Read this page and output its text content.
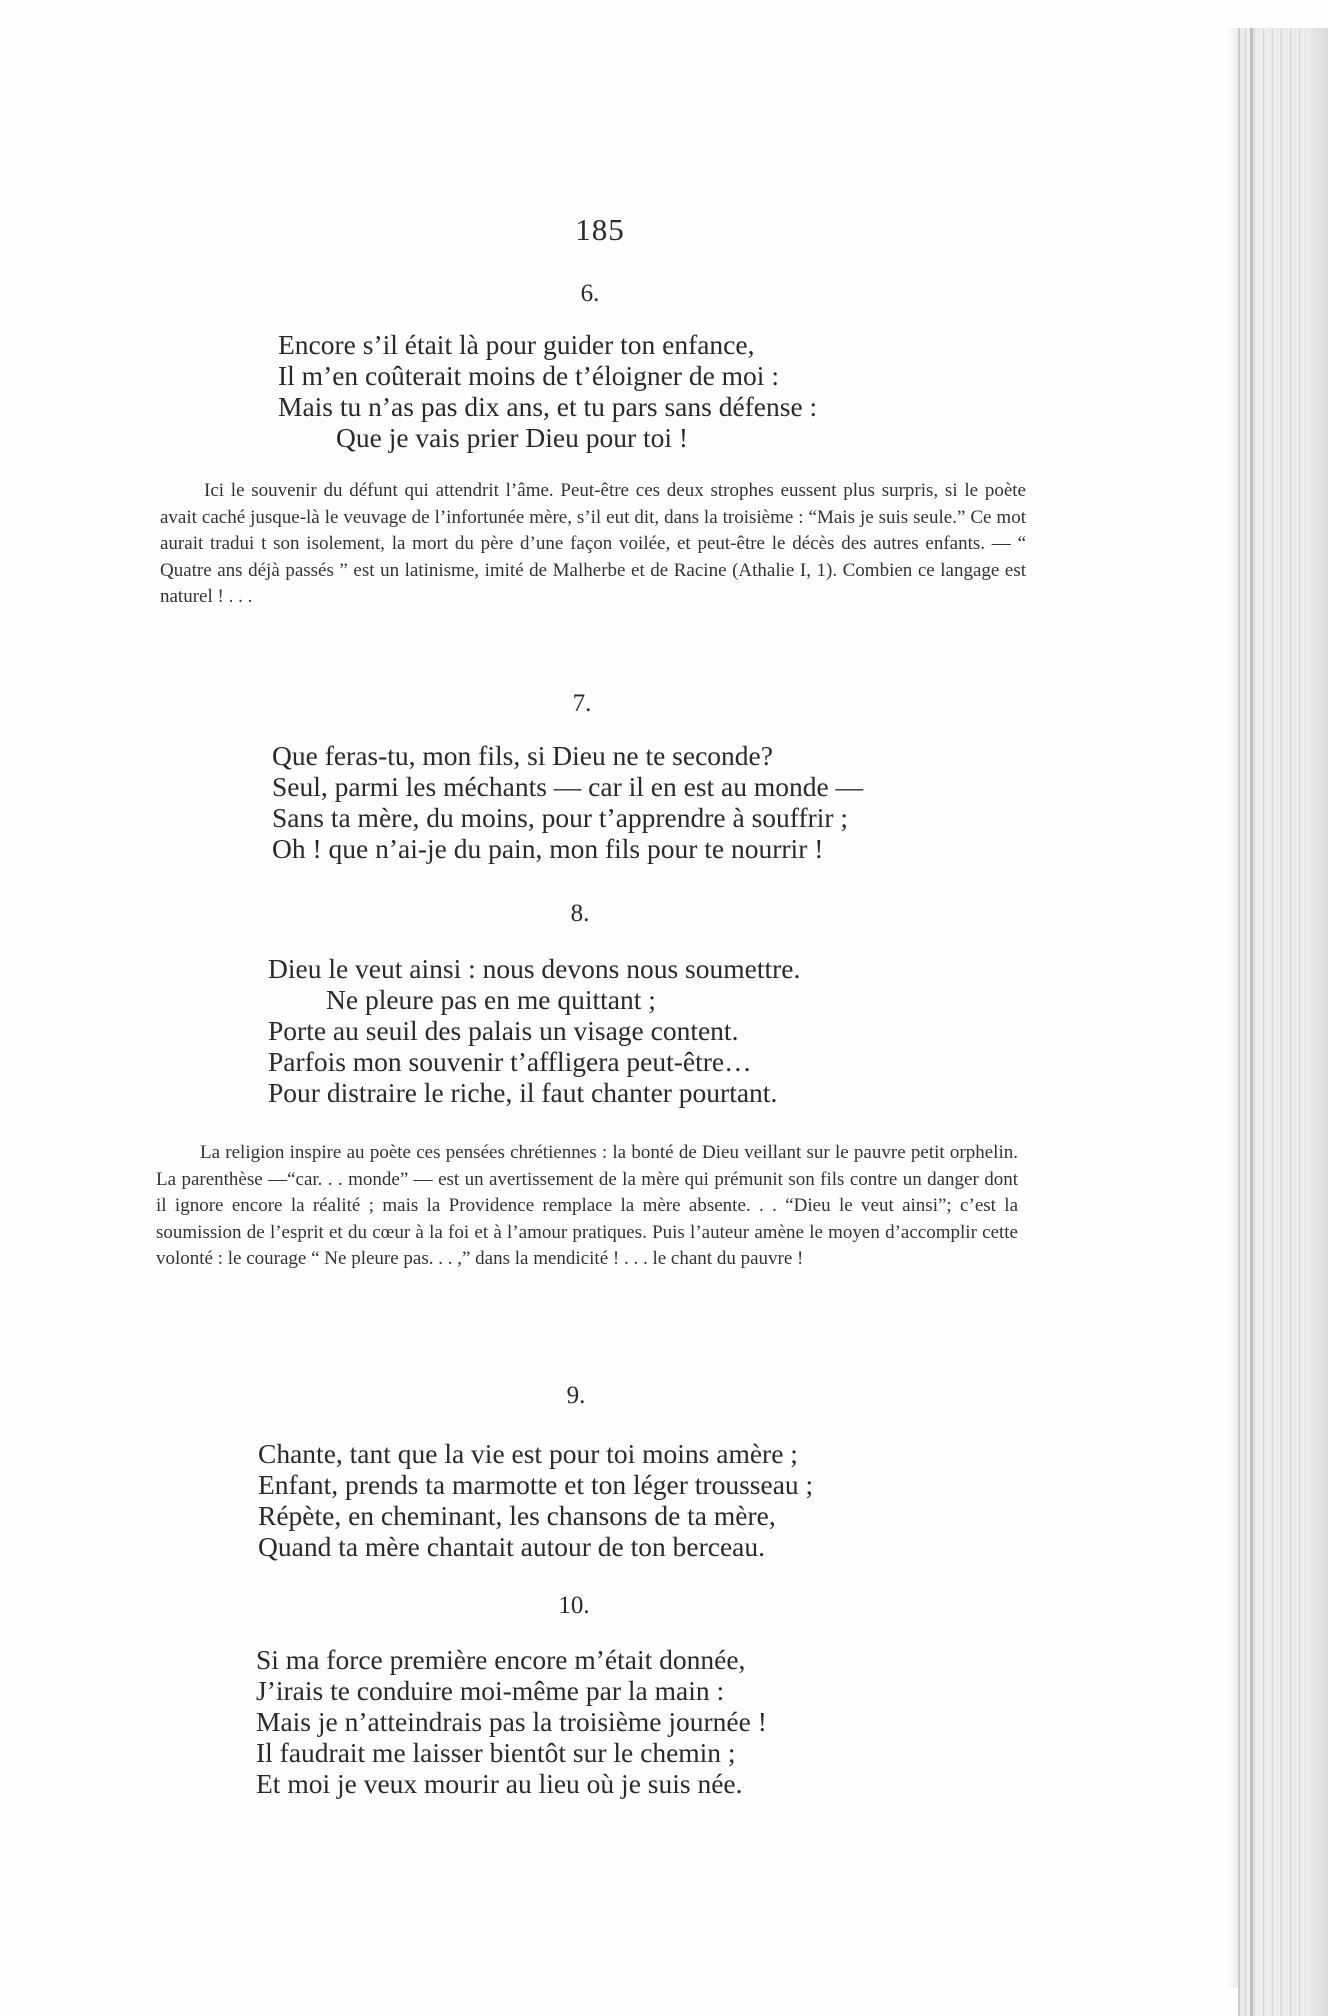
185
6.
Encore s’il était là pour guider ton enfance,
Il m’en coûterait moins de t’éloigner de moi :
Mais tu n’as pas dix ans, et tu pars sans défense :
Que je vais prier Dieu pour toi !

Ici le souvenir du défunt qui attendrit l’âme. Peut-être ces deux strophes eussent plus surpris, si le poète avait caché jusque-là le veuvage de l’infortunée mère, s’il eut dit, dans la troisième : “Mais je suis seule.” Ce mot aurait tradui t son isolement, la mort du père d’une façon voilée, et peut-être le décès des autres enfants. — “ Quatre ans déjà passés ” est un latinisme, imité de Malherbe et de Racine (Athalie I, 1). Combien ce langage est naturel ! . . .

7.
Que feras-tu, mon fils, si Dieu ne te seconde?
Seul, parmi les méchants — car il en est au monde —
Sans ta mère, du moins, pour t’apprendre à souffrir ;
Oh ! que n’ai-je du pain, mon fils pour te nourrir !
8.
Dieu le veut ainsi : nous devons nous soumettre.
Ne pleure pas en me quittant ;
Porte au seuil des palais un visage content.
Parfois mon souvenir t’affligera peut-être…
Pour distraire le riche, il faut chanter pourtant.

La religion inspire au poète ces pensées chrétiennes : la bonté de Dieu veillant sur le pauvre petit orphelin. La parenthèse —“car. . . monde” — est un avertissement de la mère qui prémunit son fils contre un danger dont il ignore encore la réalité ; mais la Providence remplace la mère absente. . . “Dieu le veut ainsi”; c’est la soumission de l’esprit et du cœur à la foi et à l’amour pratiques. Puis l’auteur amène le moyen d’accomplir cette volonté : le courage “ Ne pleure pas. . . ,” dans la mendicité ! . . . le chant du pauvre !

9.
Chante, tant que la vie est pour toi moins amère ;
Enfant, prends ta marmotte et ton léger trousseau ;
Répète, en cheminant, les chansons de ta mère,
Quand ta mère chantait autour de ton berceau.
10.
Si ma force première encore m’était donnée,
J’irais te conduire moi-même par la main :
Mais je n’atteindrais pas la troisième journée !
Il faudrait me laisser bientôt sur le chemin ;
Et moi je veux mourir au lieu où je suis née.
